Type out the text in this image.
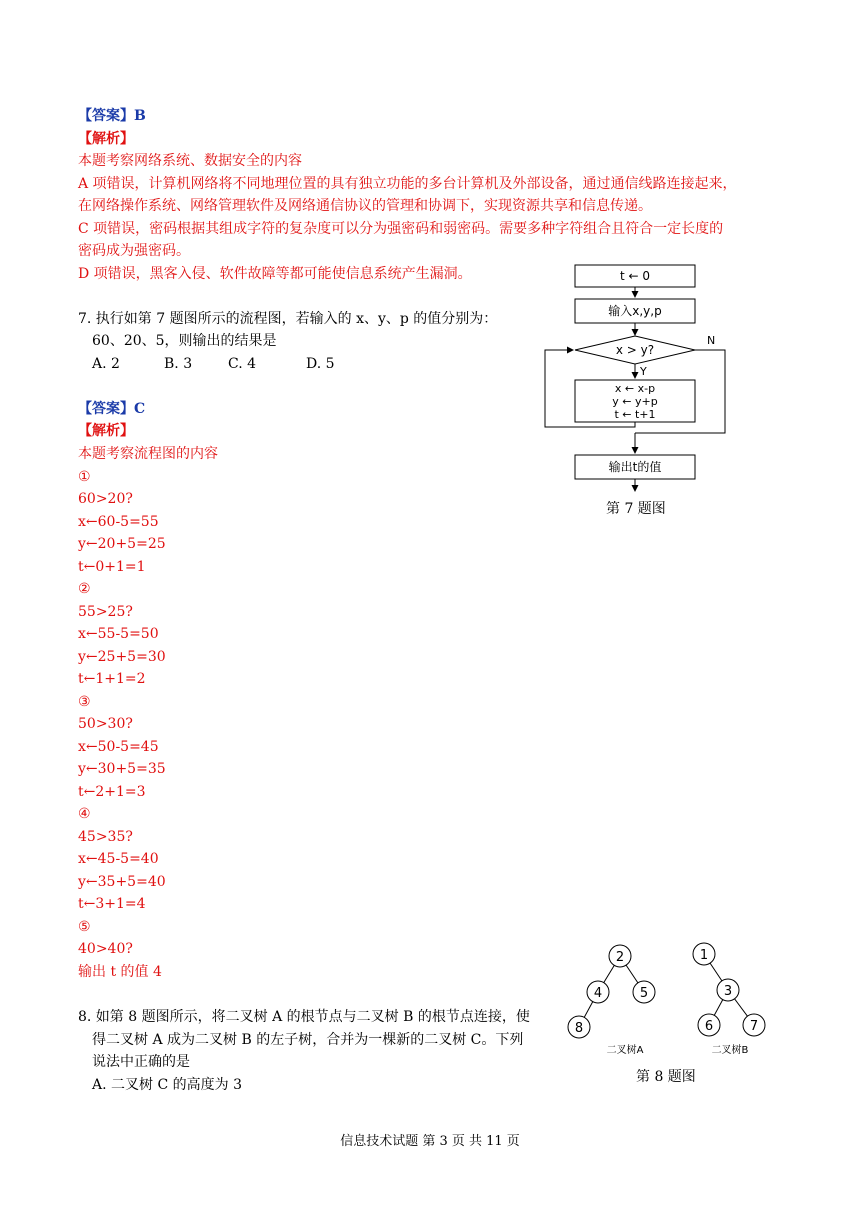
【答案】B
【解析】
本题考察网络系统、数据安全的内容
A 项错误，计算机网络将不同地理位置的具有独立功能的多台计算机及外部设备，通过通信线路连接起来，
在网络操作系统、网络管理软件及网络通信协议的管理和协调下，实现资源共享和信息传递。
C 项错误，密码根据其组成字符的复杂度可以分为强密码和弱密码。需要多种字符组合且符合一定长度的
密码成为强密码。
D 项错误，黑客入侵、软件故障等都可能使信息系统产生漏洞。
7. 执行如第 7 题图所示的流程图，若输入的 x、y、p 的值分别为：
60、20、5，则输出的结果是
A. 2	B. 3	C. 4	D. 5
【答案】C
【解析】
本题考察流程图的内容
①
60>20?
x←60-5=55
y←20+5=25
t←0+1=1
②
55>25?
x←55-5=50
y←25+5=30
t←1+1=2
③
50>30?
x←50-5=45
y←30+5=35
t←2+1=3
④
45>35?
x←45-5=40
y←35+5=40
t←3+1=4
⑤
40>40?
输出 t 的值 4
t ← 0
输入x,y,p
x > y?
N
Y
x ← x-p
y ← y+p
t ← t+1
输出t的值
第 7 题图
2
4	5
8
1
3
6	7
二叉树A	二叉树B
第 8 题图
8. 如第 8 题图所示，将二叉树 A 的根节点与二叉树 B 的根节点连接，使
得二叉树 A 成为二叉树 B 的左子树，合并为一棵新的二叉树 C。下列
说法中正确的是
A. 二叉树 C 的高度为 3
信息技术试题 第 3 页 共 11 页
